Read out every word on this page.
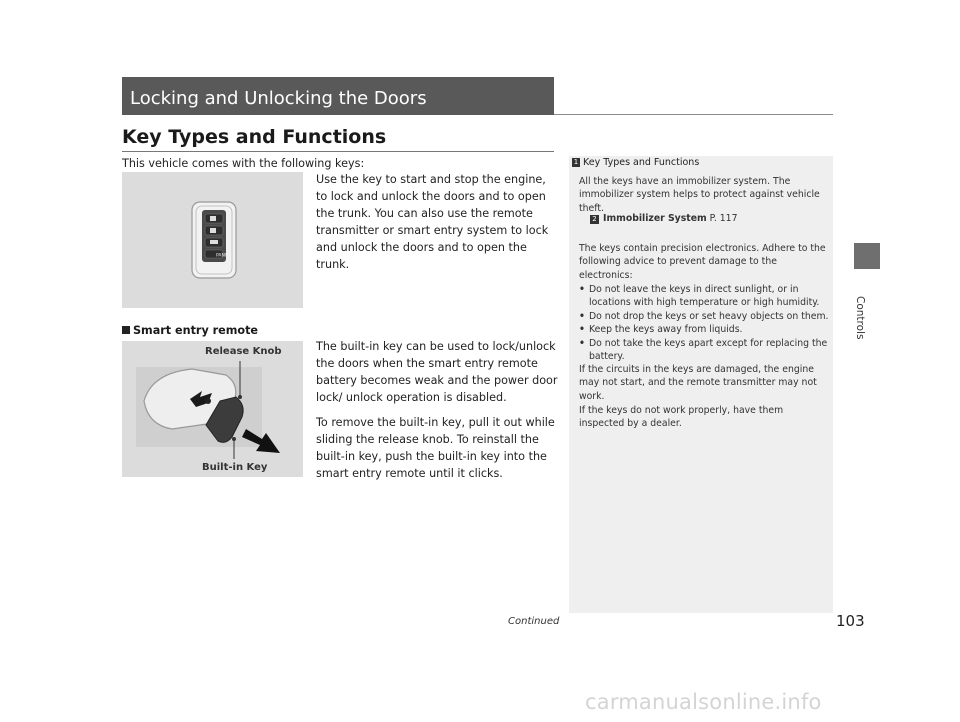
Locking and Unlocking the Doors
Key Types and Functions
This vehicle comes with the following keys:
PANIC
Use the key to start and stop the engine, to lock and unlock the doors and to open the trunk. You can also use the remote transmitter or smart entry system to lock and unlock the doors and to open the trunk.
Smart entry remote
The built-in key can be used to lock/unlock the doors when the smart entry remote battery becomes weak and the power door lock/ unlock operation is disabled.
To remove the built-in key, pull it out while sliding the release knob. To reinstall the built-in key, push the built-in key into the smart entry remote until it clicks.
Release Knob
Built-in Key
1 Key Types and Functions
All the keys have an immobilizer system. The immobilizer system helps to protect against vehicle theft.
2 Immobilizer System P. 117
The keys contain precision electronics. Adhere to the following advice to prevent damage to the electronics:
• Do not leave the keys in direct sunlight, or in locations with high temperature or high humidity.
• Do not drop the keys or set heavy objects on them.
• Keep the keys away from liquids.
• Do not take the keys apart except for replacing the battery.
If the circuits in the keys are damaged, the engine may not start, and the remote transmitter may not work.
If the keys do not work properly, have them inspected by a dealer.
Controls
Continued	103
carmanualsonline.info
